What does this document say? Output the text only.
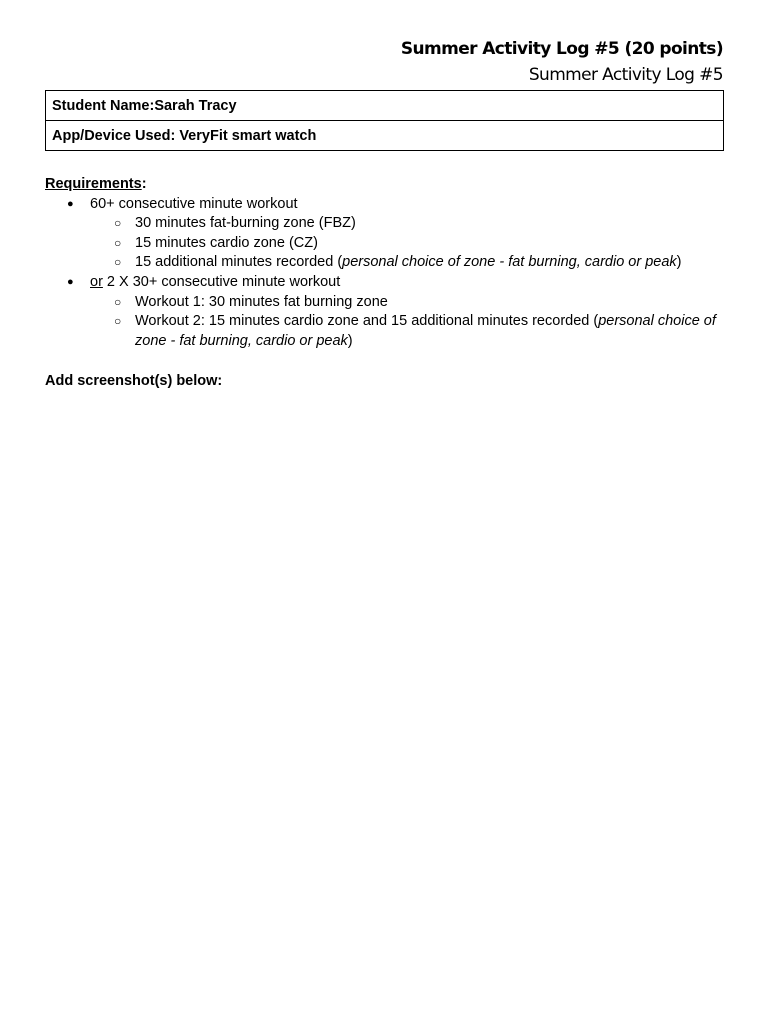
Summer Activity Log #5 (20 points)
Summer Activity Log #5
Student Name:Sarah Tracy
App/Device Used: VeryFit smart watch
Requirements:
● 60+ consecutive minute workout
○ 30 minutes fat-burning zone (FBZ)
○ 15 minutes cardio zone (CZ)
○ 15 additional minutes recorded (personal choice of zone - fat burning, cardio or peak)
● or 2 X 30+ consecutive minute workout
○ Workout 1: 30 minutes fat burning zone
○ Workout 2: 15 minutes cardio zone and 15 additional minutes recorded (personal choice of zone - fat burning, cardio or peak)
Add screenshot(s) below:
